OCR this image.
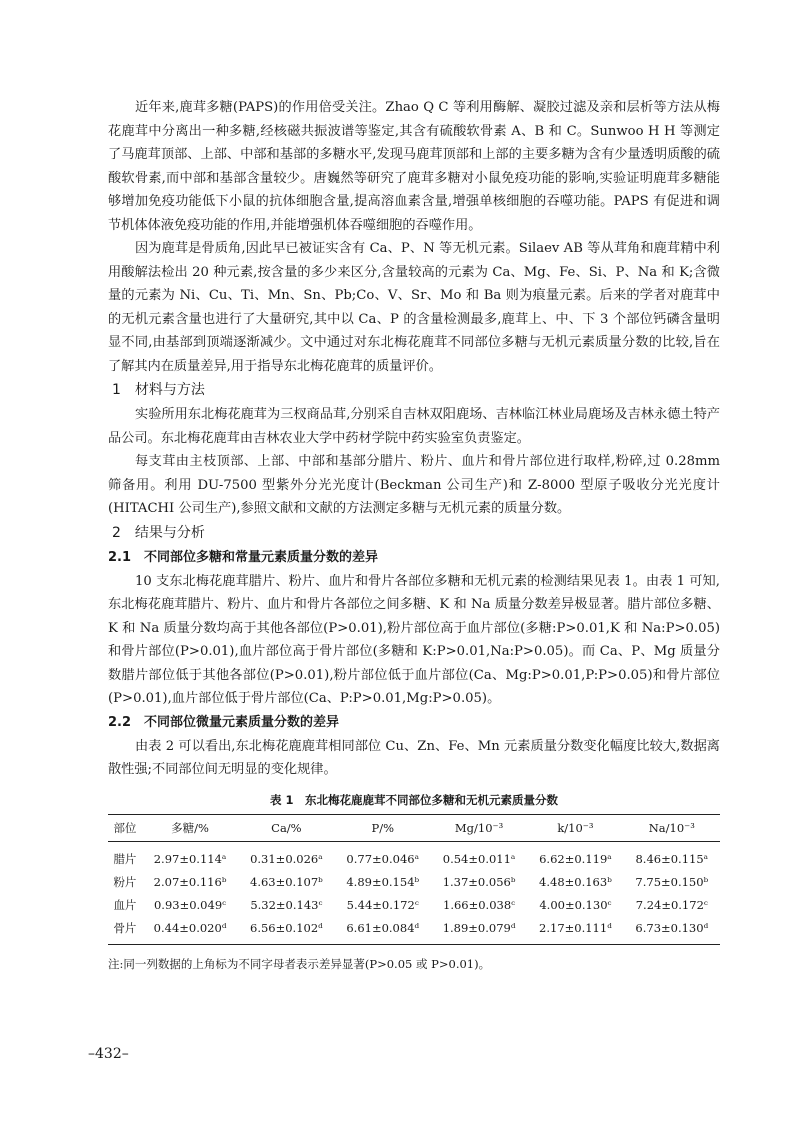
近年来,鹿茸多糖(PAPS)的作用倍受关注。Zhao Q C 等利用酶解、凝胶过滤及亲和层析等方法从梅花鹿茸中分离出一种多糖,经核磁共振波谱等鉴定,其含有硫酸软骨素 A、B 和 C。Sunwoo H H 等测定了马鹿茸顶部、上部、中部和基部的多糖水平,发现马鹿茸顶部和上部的主要多糖为含有少量透明质酸的硫酸软骨素,而中部和基部含量较少。唐巍然等研究了鹿茸多糖对小鼠免疫功能的影响,实验证明鹿茸多糖能够增加免疫功能低下小鼠的抗体细胞含量,提高溶血素含量,增强单核细胞的吞噬功能。PAPS 有促进和调节机体体液免疫功能的作用,并能增强机体吞噬细胞的吞噬作用。

因为鹿茸是骨质角,因此早已被证实含有 Ca、P、N 等无机元素。Silaev AB 等从茸角和鹿茸精中利用酸解法检出 20 种元素,按含量的多少来区分,含量较高的元素为 Ca、Mg、Fe、Si、P、Na 和 K;含微量的元素为 Ni、Cu、Ti、Mn、Sn、Pb;Co、V、Sr、Mo 和 Ba 则为痕量元素。后来的学者对鹿茸中的无机元素含量也进行了大量研究,其中以 Ca、P 的含量检测最多,鹿茸上、中、下 3 个部位钙磷含量明显不同,由基部到顶端逐渐减少。文中通过对东北梅花鹿茸不同部位多糖与无机元素质量分数的比较,旨在了解其内在质量差异,用于指导东北梅花鹿茸的质量评价。

1　材料与方法

实验所用东北梅花鹿茸为三杈商品茸,分别采自吉林双阳鹿场、吉林临江林业局鹿场及吉林永德土特产品公司。东北梅花鹿茸由吉林农业大学中药材学院中药实验室负责鉴定。

每支茸由主枝顶部、上部、中部和基部分腊片、粉片、血片和骨片部位进行取样,粉碎,过 0.28mm 筛备用。利用 DU-7500 型紫外分光光度计(Beckman 公司生产)和 Z-8000 型原子吸收分光光度计(HITACHI 公司生产),参照文献和文献的方法测定多糖与无机元素的质量分数。

2　结果与分析
2.1　不同部位多糖和常量元素质量分数的差异

10 支东北梅花鹿茸腊片、粉片、血片和骨片各部位多糖和无机元素的检测结果见表 1。由表 1 可知,东北梅花鹿茸腊片、粉片、血片和骨片各部位之间多糖、K 和 Na 质量分数差异极显著。腊片部位多糖、K 和 Na 质量分数均高于其他各部位(P>0.01),粉片部位高于血片部位(多糖:P>0.01,K 和 Na:P>0.05)和骨片部位(P>0.01),血片部位高于骨片部位(多糖和 K:P>0.01,Na:P>0.05)。而 Ca、P、Mg 质量分数腊片部位低于其他各部位(P>0.01),粉片部位低于血片部位(Ca、Mg:P>0.01,P:P>0.05)和骨片部位(P>0.01),血片部位低于骨片部位(Ca、P:P>0.01,Mg:P>0.05)。

2.2　不同部位微量元素质量分数的差异

由表 2 可以看出,东北梅花鹿鹿茸相同部位 Cu、Zn、Fe、Mn 元素质量分数变化幅度比较大,数据离散性强;不同部位间无明显的变化规律。

表 1　东北梅花鹿鹿茸不同部位多糖和无机元素质量分数
部位	多糖/%	Ca/%	P/%	Mg/10⁻³	k/10⁻³	Na/10⁻³
腊片	2.97±0.114ᵃ	0.31±0.026ᵃ	0.77±0.046ᵃ	0.54±0.011ᵃ	6.62±0.119ᵃ	8.46±0.115ᵃ
粉片	2.07±0.116ᵇ	4.63±0.107ᵇ	4.89±0.154ᵇ	1.37±0.056ᵇ	4.48±0.163ᵇ	7.75±0.150ᵇ
血片	0.93±0.049ᶜ	5.32±0.143ᶜ	5.44±0.172ᶜ	1.66±0.038ᶜ	4.00±0.130ᶜ	7.24±0.172ᶜ
骨片	0.44±0.020ᵈ	6.56±0.102ᵈ	6.61±0.084ᵈ	1.89±0.079ᵈ	2.17±0.111ᵈ	6.73±0.130ᵈ
注:同一列数据的上角标为不同字母者表示差异显著(P>0.05 或 P>0.01)。
–432–
